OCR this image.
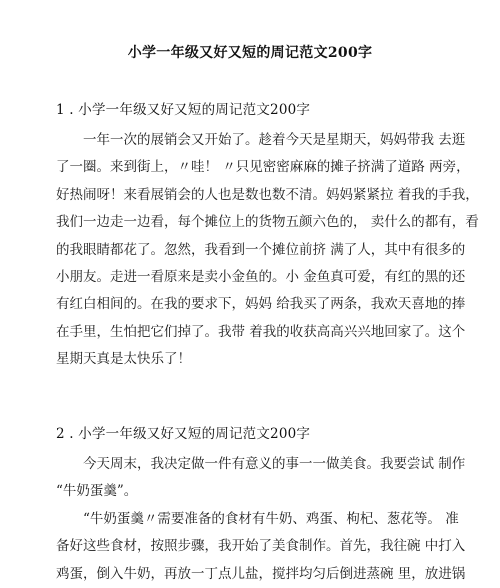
小学一年级又好又短的周记范文200字
1 . 小学一年级又好又短的周记范文200字
一年一次的展销会又开始了。趁着今天是星期天，妈妈带我 去逛
了一圈。来到街上，〃哇！ 〃只见密密麻麻的摊子挤满了道路 两旁，
好热闹呀！来看展销会的人也是数也数不清。妈妈紧紧拉 着我的手我，
我们一边走一边看，每个摊位上的货物五颜六色的， 卖什么的都有，看
的我眼睛都花了。忽然，我看到一个摊位前挤 满了人，其中有很多的
小朋友。走进一看原来是卖小金鱼的。小 金鱼真可爱，有红的黑的还
有红白相间的。在我的要求下，妈妈 给我买了两条，我欢天喜地的捧
在手里，生怕把它们掉了。我带 着我的收获高高兴兴地回家了。这个
星期天真是太快乐了！
2 . 小学一年级又好又短的周记范文200字
今天周末，我决定做一件有意义的事一一做美食。我要尝试 制作
“牛奶蛋羹”。
“牛奶蛋羹〃需要准备的食材有牛奶、鸡蛋、枸杞、葱花等。 准
备好这些食材，按照步骤，我开始了美食制作。首先，我往碗 中打入
鸡蛋，倒入牛奶，再放一丁点儿盐，搅拌均匀后倒进蒸碗 里，放进锅
